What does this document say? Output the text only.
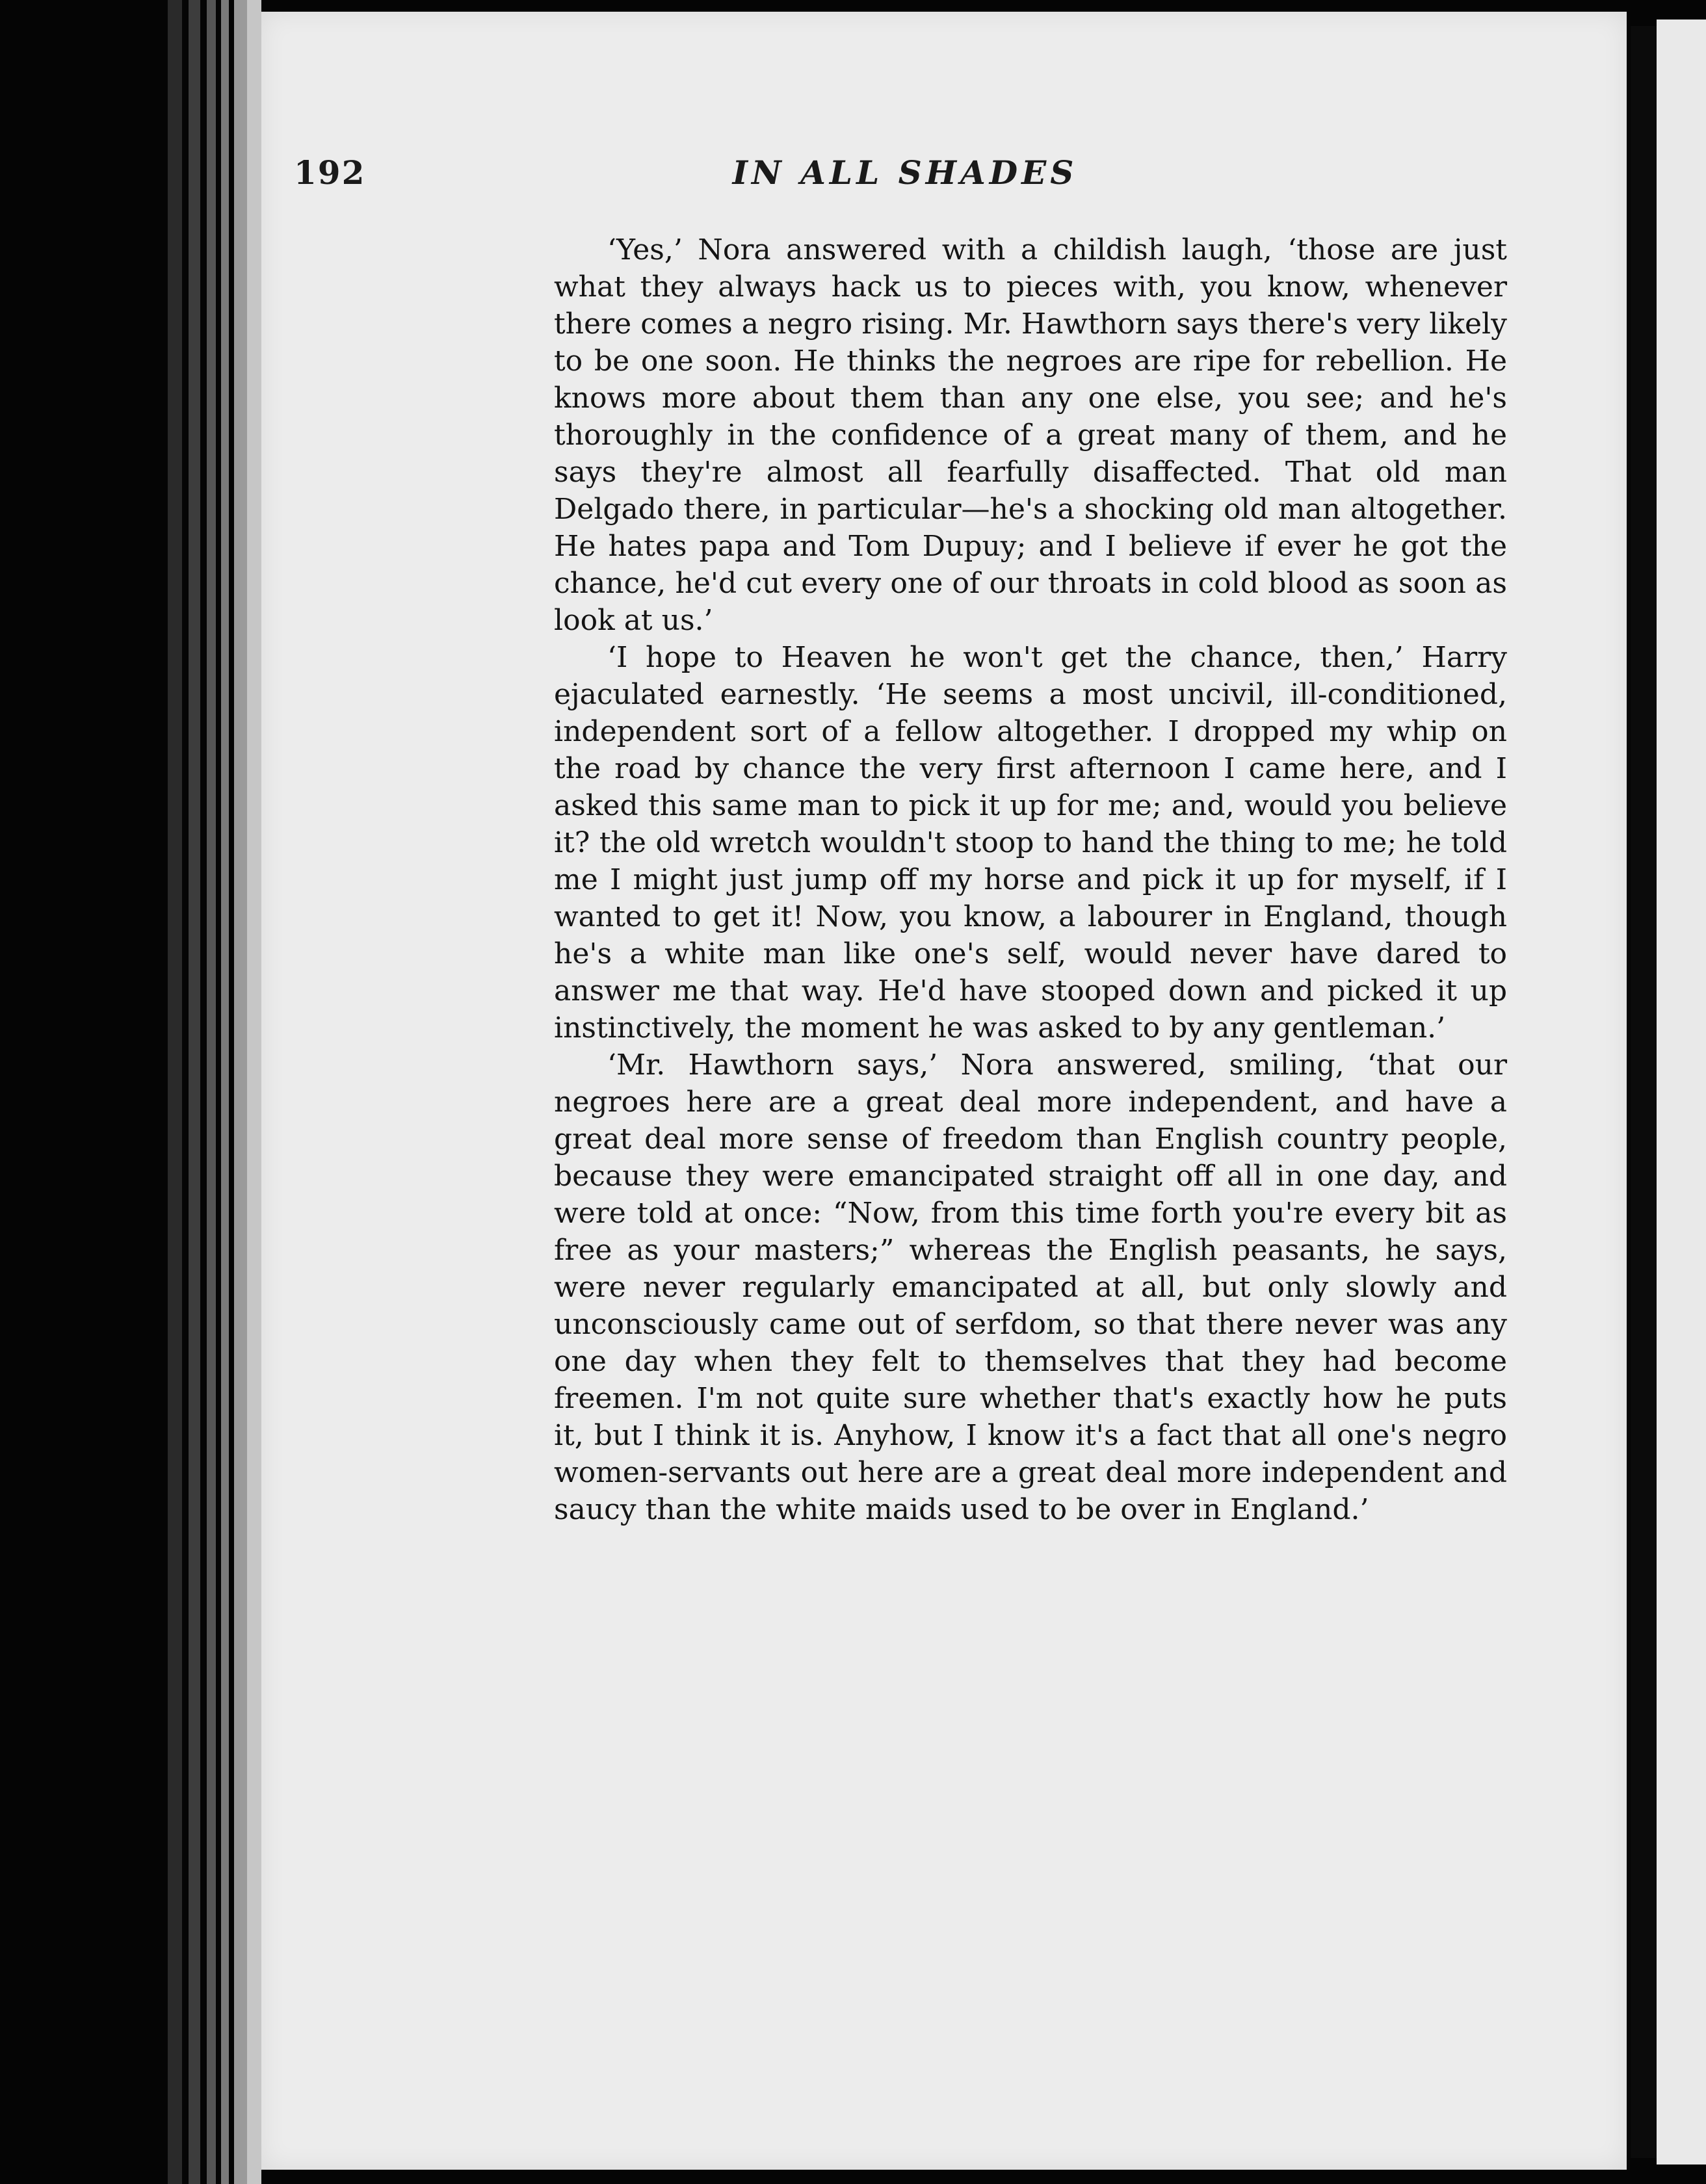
192	IN ALL SHADES

‘Yes,’ Nora answered with a childish laugh, ‘those are just what they always hack us to pieces with, you know, whenever there comes a negro rising. Mr. Hawthorn says there's very likely to be one soon. He thinks the negroes are ripe for rebellion. He knows more about them than any one else, you see; and he's thoroughly in the confidence of a great many of them, and he says they're almost all fearfully disaffected. That old man Delgado there, in particular—he's a shocking old man altogether. He hates papa and Tom Dupuy; and I believe if ever he got the chance, he'd cut every one of our throats in cold blood as soon as look at us.’

‘I hope to Heaven he won't get the chance, then,’ Harry ejaculated earnestly. ‘He seems a most uncivil, ill-conditioned, independent sort of a fellow altogether. I dropped my whip on the road by chance the very first afternoon I came here, and I asked this same man to pick it up for me; and, would you believe it? the old wretch wouldn't stoop to hand the thing to me; he told me I might just jump off my horse and pick it up for myself, if I wanted to get it! Now, you know, a labourer in England, though he's a white man like one's self, would never have dared to answer me that way. He'd have stooped down and picked it up instinctively, the moment he was asked to by any gentleman.’

‘Mr. Hawthorn says,’ Nora answered, smiling, ‘that our negroes here are a great deal more independent, and have a great deal more sense of freedom than English country people, because they were emancipated straight off all in one day, and were told at once: “Now, from this time forth you're every bit as free as your masters;” whereas the English peasants, he says, were never regularly emancipated at all, but only slowly and unconsciously came out of serfdom, so that there never was any one day when they felt to themselves that they had become freemen. I'm not quite sure whether that's exactly how he puts it, but I think it is. Anyhow, I know it's a fact that all one's negro women-servants out here are a great deal more independent and saucy than the white maids used to be over in England.’
